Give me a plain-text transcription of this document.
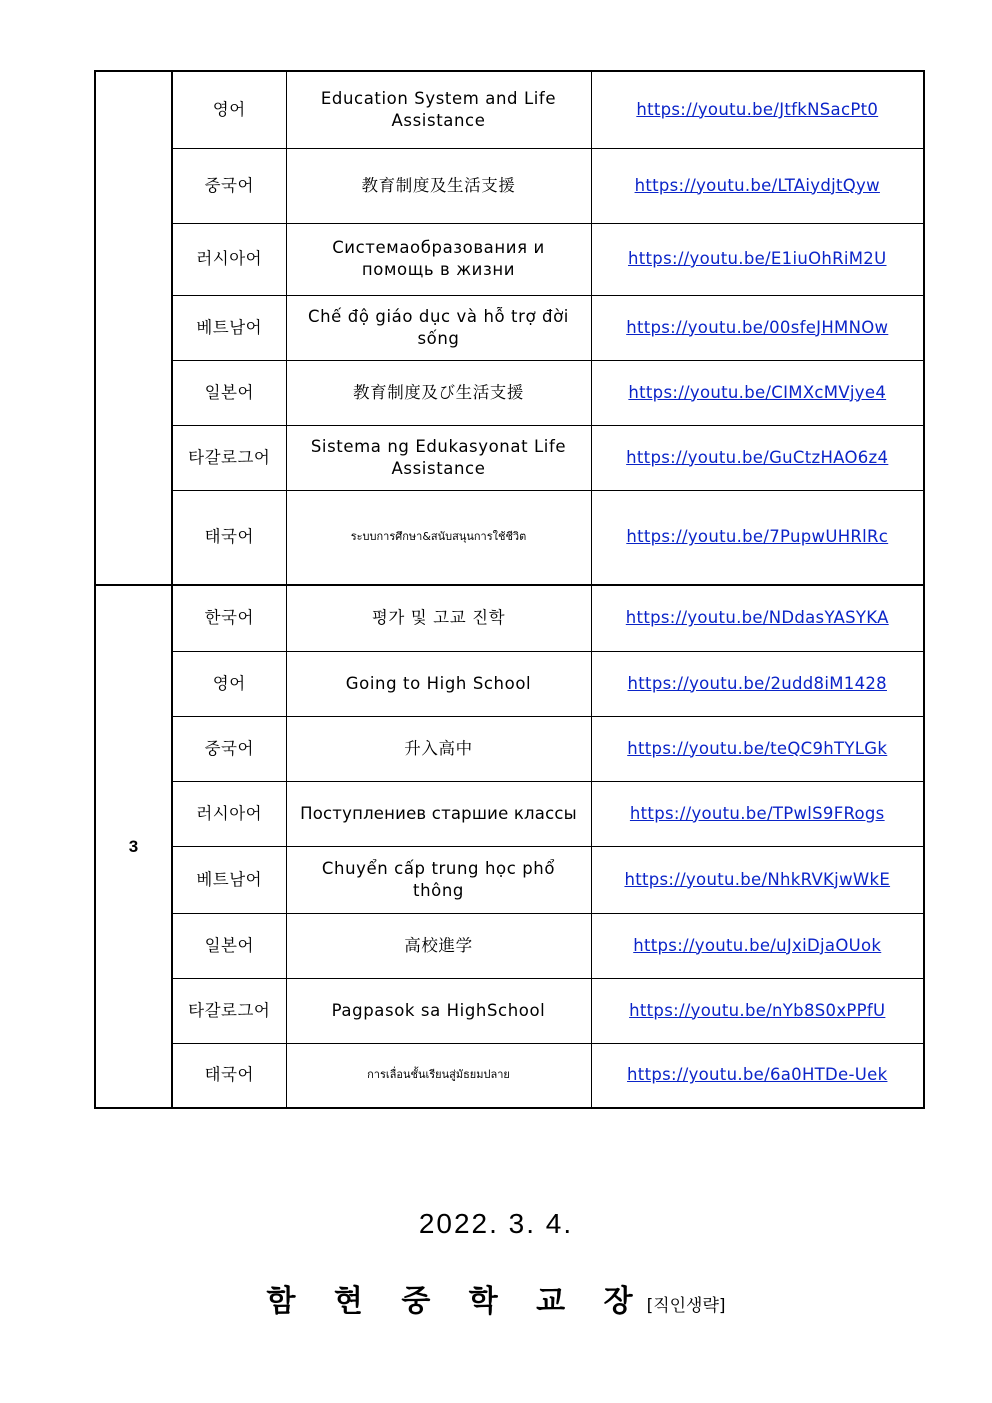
	영어	Education System and Life Assistance	https://youtu.be/JtfkNSacPt0
	중국어	教育制度及生活支援	https://youtu.be/LTAiydjtQyw
	러시아어	Системаобразования и помощь в жизни	https://youtu.be/E1iuOhRiM2U
	베트남어	Chế độ giáo dục và hỗ trợ đời sống	https://youtu.be/00sfeJHMNOw
	일본어	教育制度及び生活支援	https://youtu.be/CIMXcMVjye4
	타갈로그어	Sistema ng Edukasyonat Life Assistance	https://youtu.be/GuCtzHAO6z4
	태국어	ระบบการศึกษา&สนับสนุนการใช้ชีวิต	https://youtu.be/7PupwUHRlRc
3	한국어	평가 및 고교 진학	https://youtu.be/NDdasYASYKA
	영어	Going to High School	https://youtu.be/2udd8iM1428
	중국어	升入高中	https://youtu.be/teQC9hTYLGk
	러시아어	Поступлениев старшие классы	https://youtu.be/TPwlS9FRogs
	베트남어	Chuyển cấp trung học phổ thông	https://youtu.be/NhkRVKjwWkE
	일본어	高校進学	https://youtu.be/uJxiDjaOUok
	타갈로그어	Pagpasok sa HighSchool	https://youtu.be/nYb8S0xPPfU
	태국어	การเลื่อนชั้นเรียนสู่มัธยมปลาย	https://youtu.be/6a0HTDe-Uek
2022. 3. 4.
함 현 중 학 교 장[직인생략]
